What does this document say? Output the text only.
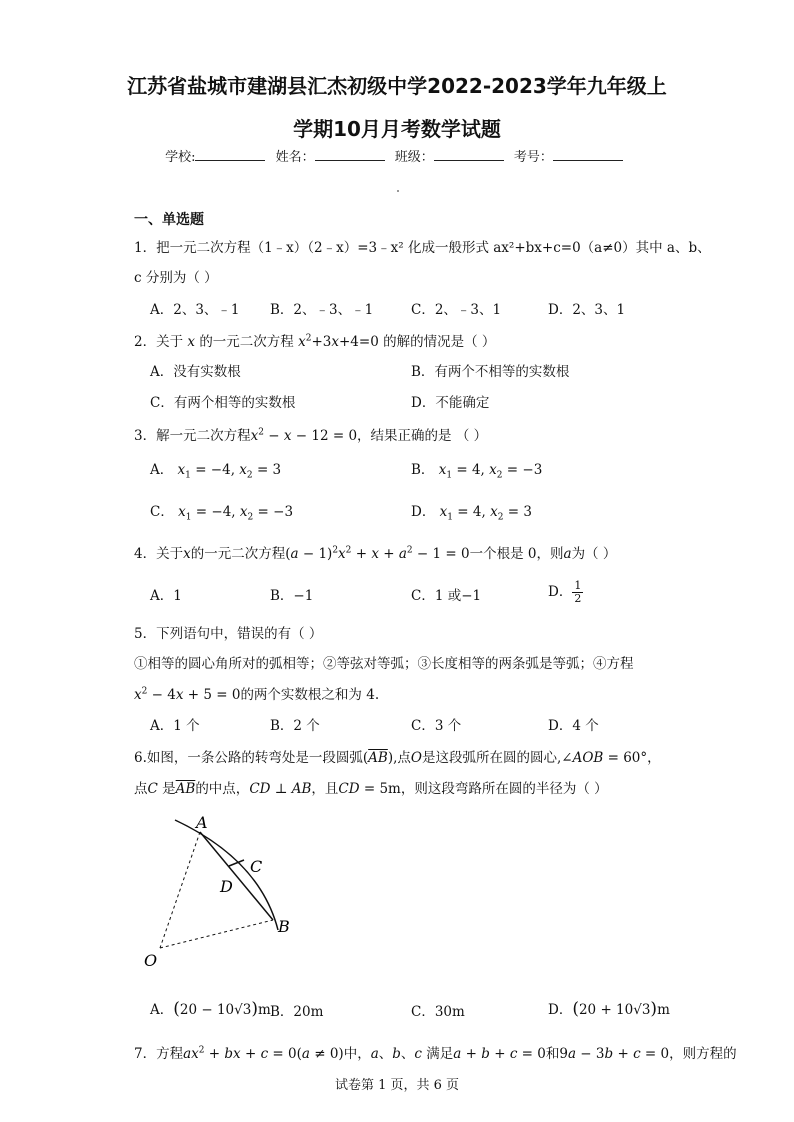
江苏省盐城市建湖县汇杰初级中学2022-2023学年九年级上
学期10月月考数学试题
学校:	姓名：	班级：	考号：
一、单选题
1．把一元二次方程（1﹣x）（2﹣x）=3﹣x² 化成一般形式 ax²+bx+c=0（a≠0）其中 a、b、
c 分别为（ ）
A．2、3、﹣1 B．2、﹣3、﹣1	C．2、﹣3、1	D．2、3、1
2．关于 x 的一元二次方程 $x^2+3x+4=0$ 的解的情况是（ ）
A．没有实数根	B．有两个不相等的实数根
C．有两个相等的实数根	D．不能确定
3．解一元二次方程$x^2 - x - 12 = 0$，结果正确的是 （ ）
A． $x_1 = -4$, $x_2 = 3$	B． $x_1 = 4$, $x_2 = -3$
C． $x_1 = -4$, $x_2 = -3$	D． $x_1 = 4$, $x_2 = 3$
4．关于x的一元二次方程$(a - 1)^2x^2 + x + a^2 - 1 = 0$一个根是 0，则a为（ ）
A．1	B．−1	C．1 或−1	D． $\frac{1}{2}$
5．下列语句中，错误的有（ ）
①相等的圆心角所对的弧相等；②等弦对等弧；③长度相等的两条弧是等弧；④方程
$x^2 - 4x + 5 = 0$的两个实数根之和为 4.
A．1 个	B．2 个	C．3 个	D．4 个
6.如图，一条公路的转弯处是一段圆弧$(\overline{AB})$,点O是这段弧所在圆的圆心,∠AOB = 60°，
点C 是$\overline{AB}$的中点，CD ⊥ AB，且CD = 5m，则这段弯路所在圆的半径为（ ）
A
C
D
B
O
A．(20 − 10√3)m B．20m	C．30m	D．(20 + 10√3)m
7．方程$ax^2$ + bx + c = 0(a ≠ 0)中，a、b、c 满足a + b + c = 0和9a − 3b + c = 0，则方程的
试卷第 1 页，共 6 页
